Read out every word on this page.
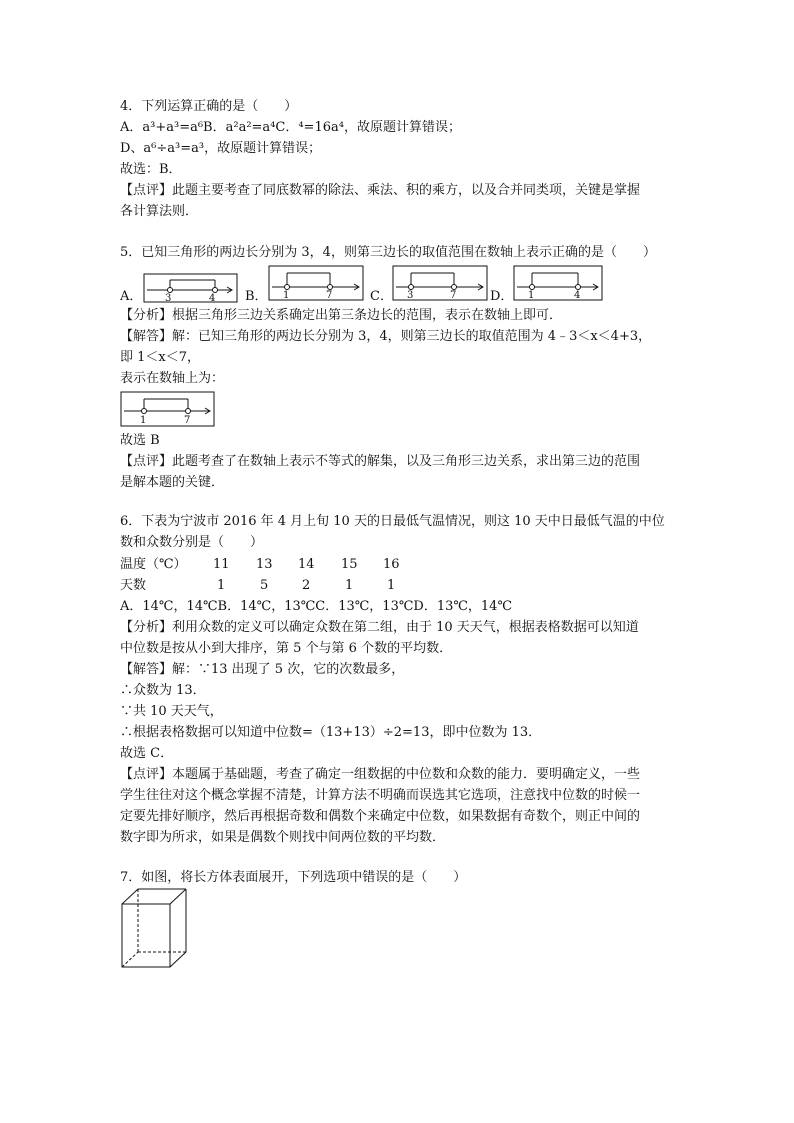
4．下列运算正确的是（　　）
A．a³+a³=a⁶B．a²a²=a⁴C．⁴=16a⁴，故原题计算错误；
D、a⁶÷a³=a³，故原题计算错误；
故选：B．
【点评】此题主要考查了同底数幂的除法、乘法、积的乘方，以及合并同类项，关键是掌握
各计算法则．
5．已知三角形的两边长分别为 3，4，则第三边长的取值范围在数轴上表示正确的是（　　）
A． 3	4 B． 1	7	C． 3	7	D． 1	4
【分析】根据三角形三边关系确定出第三条边长的范围，表示在数轴上即可．
【解答】解：已知三角形的两边长分别为 3，4，则第三边长的取值范围为 4﹣3＜x＜4+3，
即 1＜x＜7，
表示在数轴上为：
1	7
故选 B
【点评】此题考查了在数轴上表示不等式的解集，以及三角形三边关系，求出第三边的范围
是解本题的关键．
6．下表为宁波市 2016 年 4 月上旬 10 天的日最低气温情况，则这 10 天中日最低气温的中位
数和众数分别是（　　）
温度（℃） 11 13 14 15 16
天数	1	5	2	1	1
A．14℃，14℃B．14℃，13℃C．13℃，13℃D．13℃，14℃
【分析】利用众数的定义可以确定众数在第二组，由于 10 天天气，根据表格数据可以知道
中位数是按从小到大排序，第 5 个与第 6 个数的平均数．
【解答】解：∵13 出现了 5 次，它的次数最多，
∴众数为 13．
∵共 10 天天气，
∴根据表格数据可以知道中位数=（13+13）÷2=13，即中位数为 13．
故选 C．
【点评】本题属于基础题，考查了确定一组数据的中位数和众数的能力．要明确定义，一些
学生往往对这个概念掌握不清楚，计算方法不明确而误选其它选项，注意找中位数的时候一
定要先排好顺序，然后再根据奇数和偶数个来确定中位数，如果数据有奇数个，则正中间的
数字即为所求，如果是偶数个则找中间两位数的平均数．
7．如图，将长方体表面展开，下列选项中错误的是（　　）
